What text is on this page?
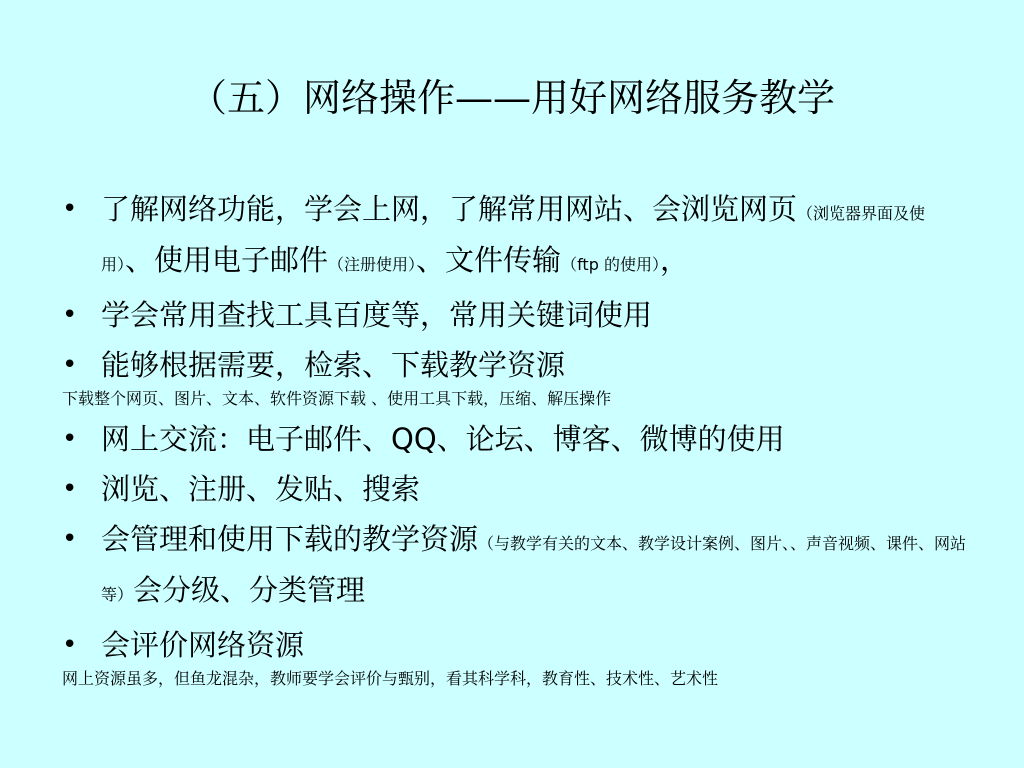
（五）网络操作——用好网络服务教学
• 了解网络功能，学会上网，了解常用网站、会浏览网页（浏览器界面及使用）、使用电子邮件（注册使用）、文件传输（ftp 的使用），
• 学会常用查找工具百度等，常用关键词使用
• 能够根据需要，检索、下载教学资源
下载整个网页、图片、文本、软件资源下载 、使用工具下载，压缩、解压操作
• 网上交流：电子邮件、QQ、论坛、博客、微博的使用
• 浏览、注册、发贴、搜索
• 会管理和使用下载的教学资源（与教学有关的文本、教学设计案例、图片、、声音视频、课件、网站等）会分级、分类管理
• 会评价网络资源
网上资源虽多，但鱼龙混杂，教师要学会评价与甄别，看其科学科，教育性、技术性、艺术性
